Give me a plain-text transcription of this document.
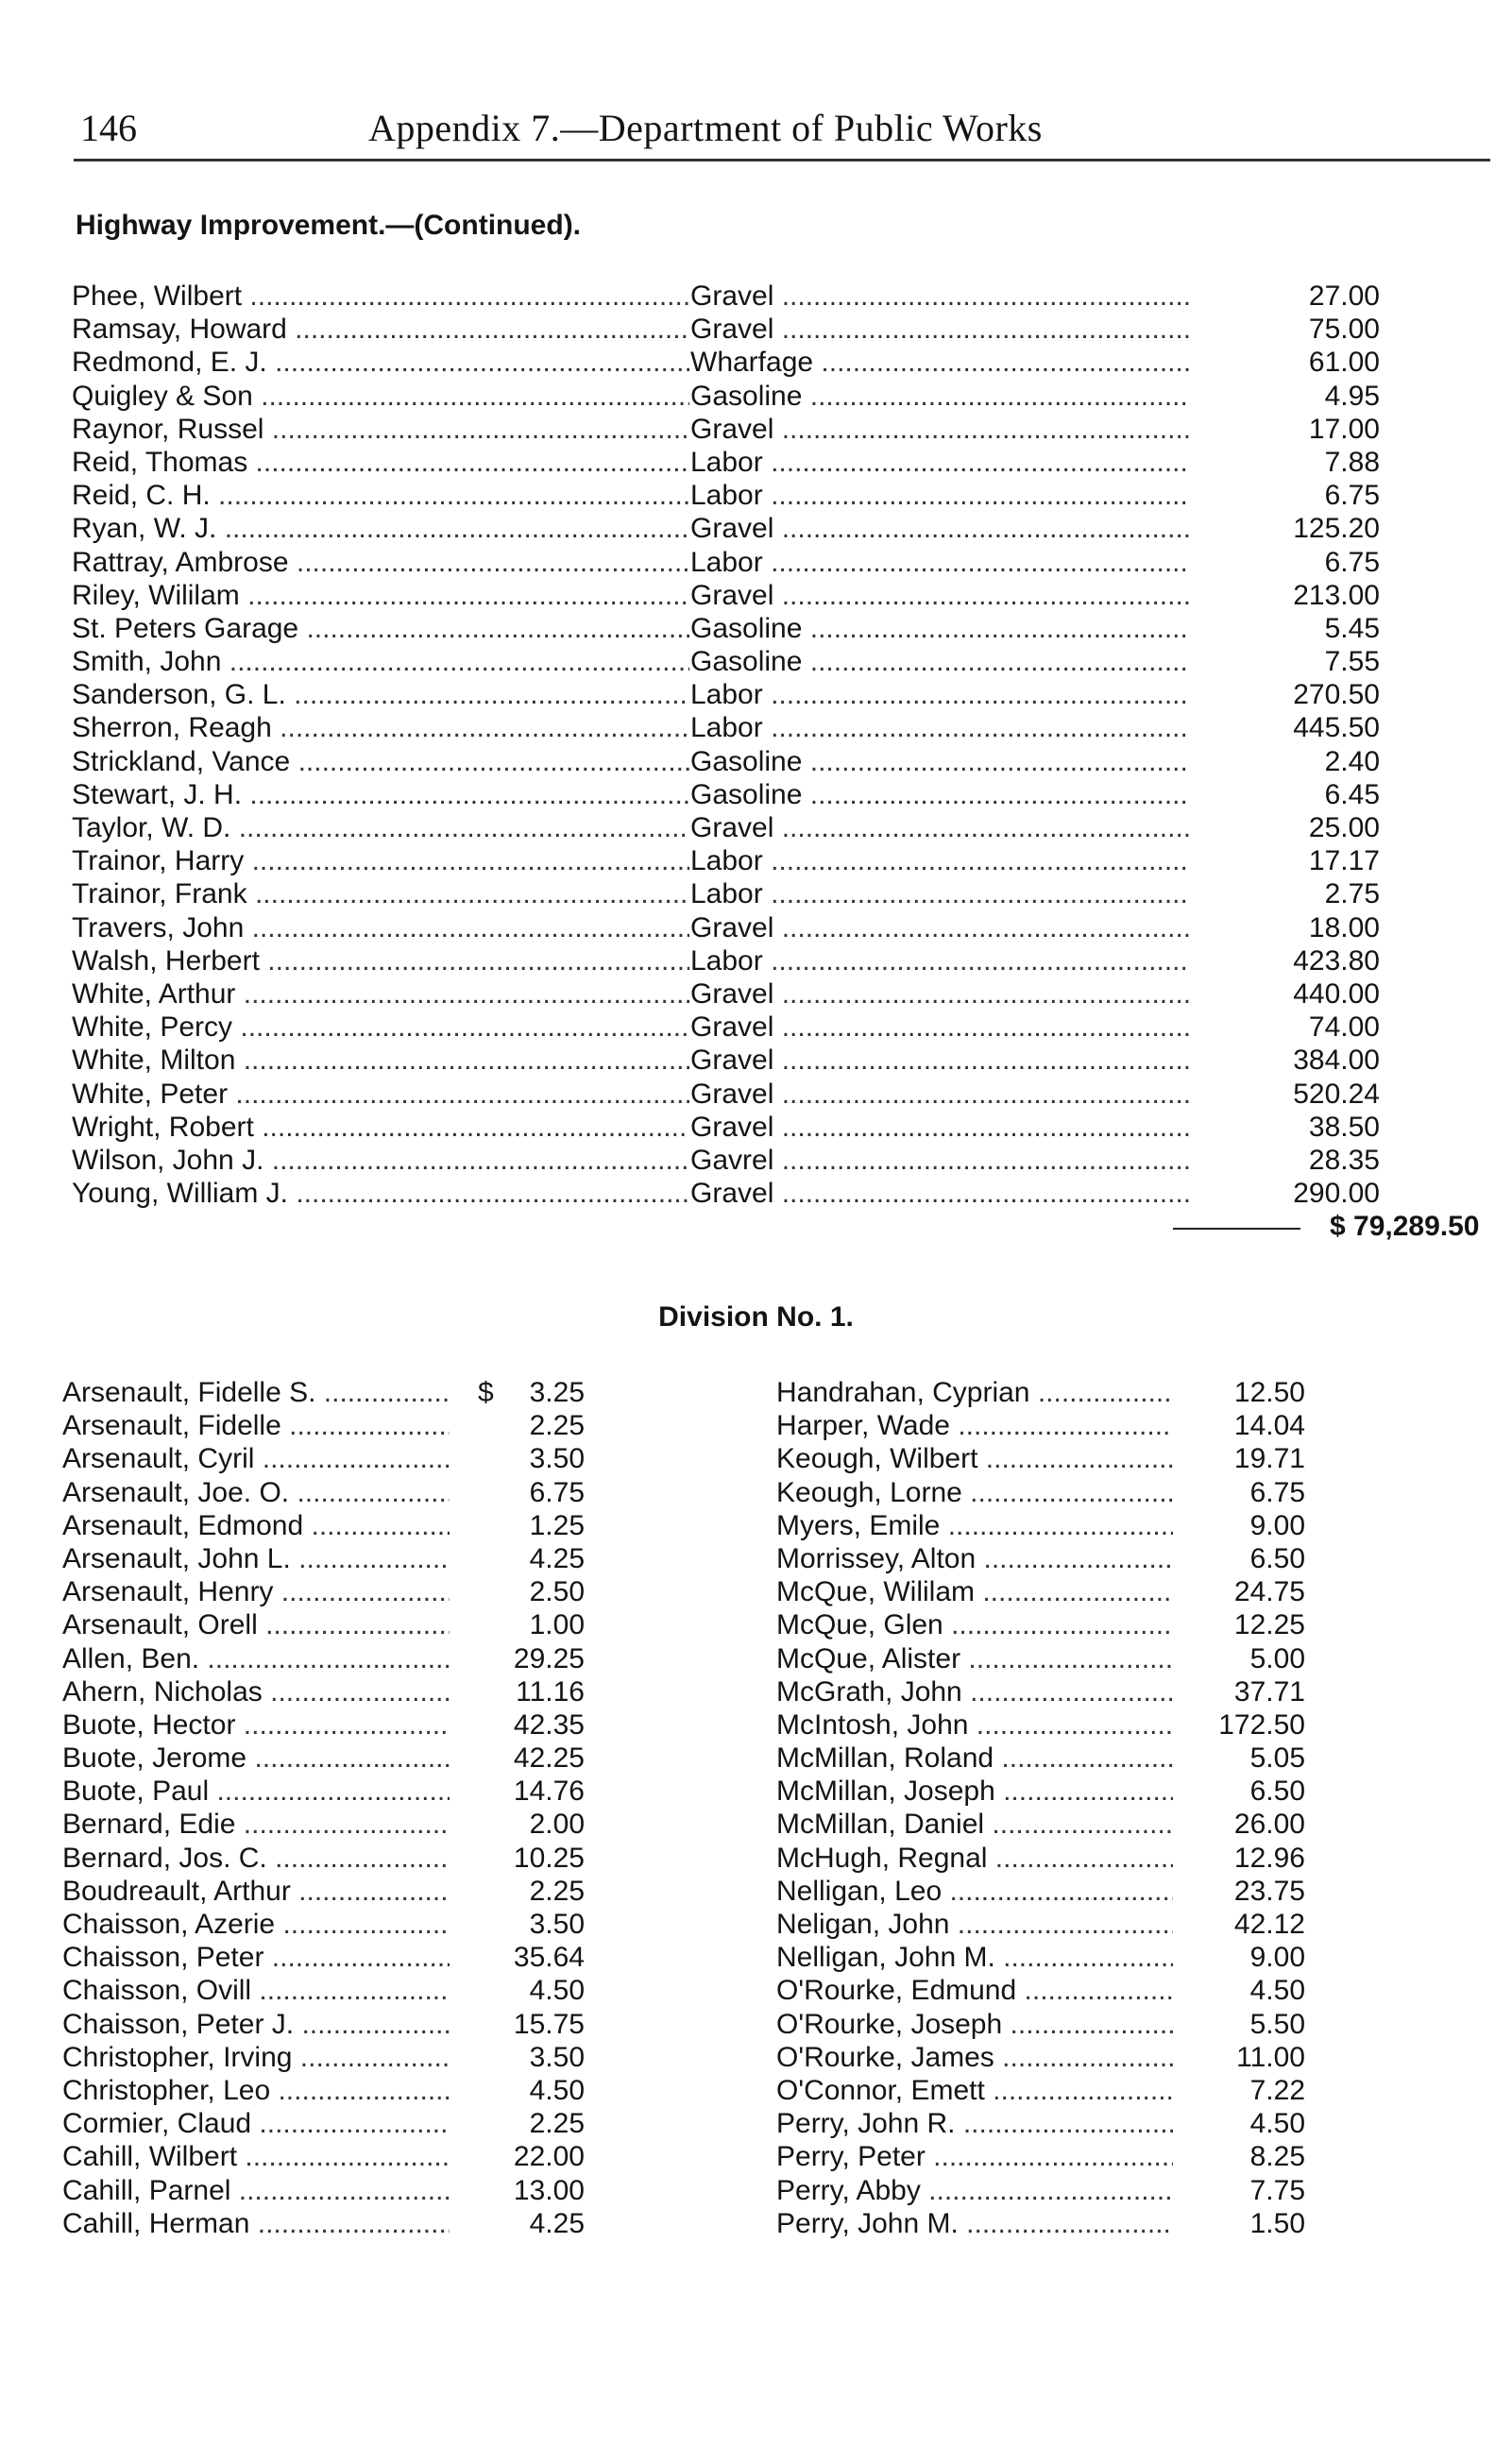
146	Appendix 7.—Department of Public Works
Highway Improvement.—(Continued).
Phee, Wilbert .....	Gravel .....	27.00
Ramsay, Howard .....	Gravel .....	75.00
Redmond, E. J. .....	Wharfage .....	61.00
Quigley & Son .....	Gasoline .....	4.95
Raynor, Russel .....	Gravel .....	17.00
Reid, Thomas .....	Labor .....	7.88
Reid, C. H. .....	Labor .....	6.75
Ryan, W. J. .....	Gravel .....	125.20
Rattray, Ambrose .....	Labor .....	6.75
Riley, Wililam .....	Gravel .....	213.00
St. Peters Garage .....	Gasoline .....	5.45
Smith, John .....	Gasoline .....	7.55
Sanderson, G. L. .....	Labor .....	270.50
Sherron, Reagh .....	Labor .....	445.50
Strickland, Vance .....	Gasoline .....	2.40
Stewart, J. H. .....	Gasoline .....	6.45
Taylor, W. D. .....	Gravel .....	25.00
Trainor, Harry .....	Labor .....	17.17
Trainor, Frank .....	Labor .....	2.75
Travers, John .....	Gravel .....	18.00
Walsh, Herbert .....	Labor .....	423.80
White, Arthur .....	Gravel .....	440.00
White, Percy .....	Gravel .....	74.00
White, Milton .....	Gravel .....	384.00
White, Peter .....	Gravel .....	520.24
Wright, Robert .....	Gravel .....	38.50
Wilson, John J. .....	Gavrel .....	28.35
Young, William J. .....	Gravel .....	290.00
$ 79,289.50
Division No. 1.
Arsenault, Fidelle S. .....	$	3.25
Arsenault, Fidelle .....	2.25
Arsenault, Cyril .....	3.50
Arsenault, Joe. O. .....	6.75
Arsenault, Edmond .....	1.25
Arsenault, John L. .....	4.25
Arsenault, Henry .....	2.50
Arsenault, Orell .....	1.00
Allen, Ben. .....	29.25
Ahern, Nicholas .....	11.16
Buote, Hector .....	42.35
Buote, Jerome .....	42.25
Buote, Paul .....	14.76
Bernard, Edie .....	2.00
Bernard, Jos. C. .....	10.25
Boudreault, Arthur .....	2.25
Chaisson, Azerie .....	3.50
Chaisson, Peter .....	35.64
Chaisson, Ovill .....	4.50
Chaisson, Peter J. .....	15.75
Christopher, Irving .....	3.50
Christopher, Leo .....	4.50
Cormier, Claud .....	2.25
Cahill, Wilbert .....	22.00
Cahill, Parnel .....	13.00
Cahill, Herman .....	4.25
Handrahan, Cyprian .....	12.50
Harper, Wade .....	14.04
Keough, Wilbert .....	19.71
Keough, Lorne .....	6.75
Myers, Emile .....	9.00
Morrissey, Alton .....	6.50
McQue, Wililam .....	24.75
McQue, Glen .....	12.25
McQue, Alister .....	5.00
McGrath, John .....	37.71
McIntosh, John .....	172.50
McMillan, Roland .....	5.05
McMillan, Joseph .....	6.50
McMillan, Daniel .....	26.00
McHugh, Regnal .....	12.96
Nelligan, Leo .....	23.75
Neligan, John .....	42.12
Nelligan, John M. .....	9.00
O'Rourke, Edmund .....	4.50
O'Rourke, Joseph .....	5.50
O'Rourke, James .....	11.00
O'Connor, Emett .....	7.22
Perry, John R. .....	4.50
Perry, Peter .....	8.25
Perry, Abby .....	7.75
Perry, John M. .....	1.50
